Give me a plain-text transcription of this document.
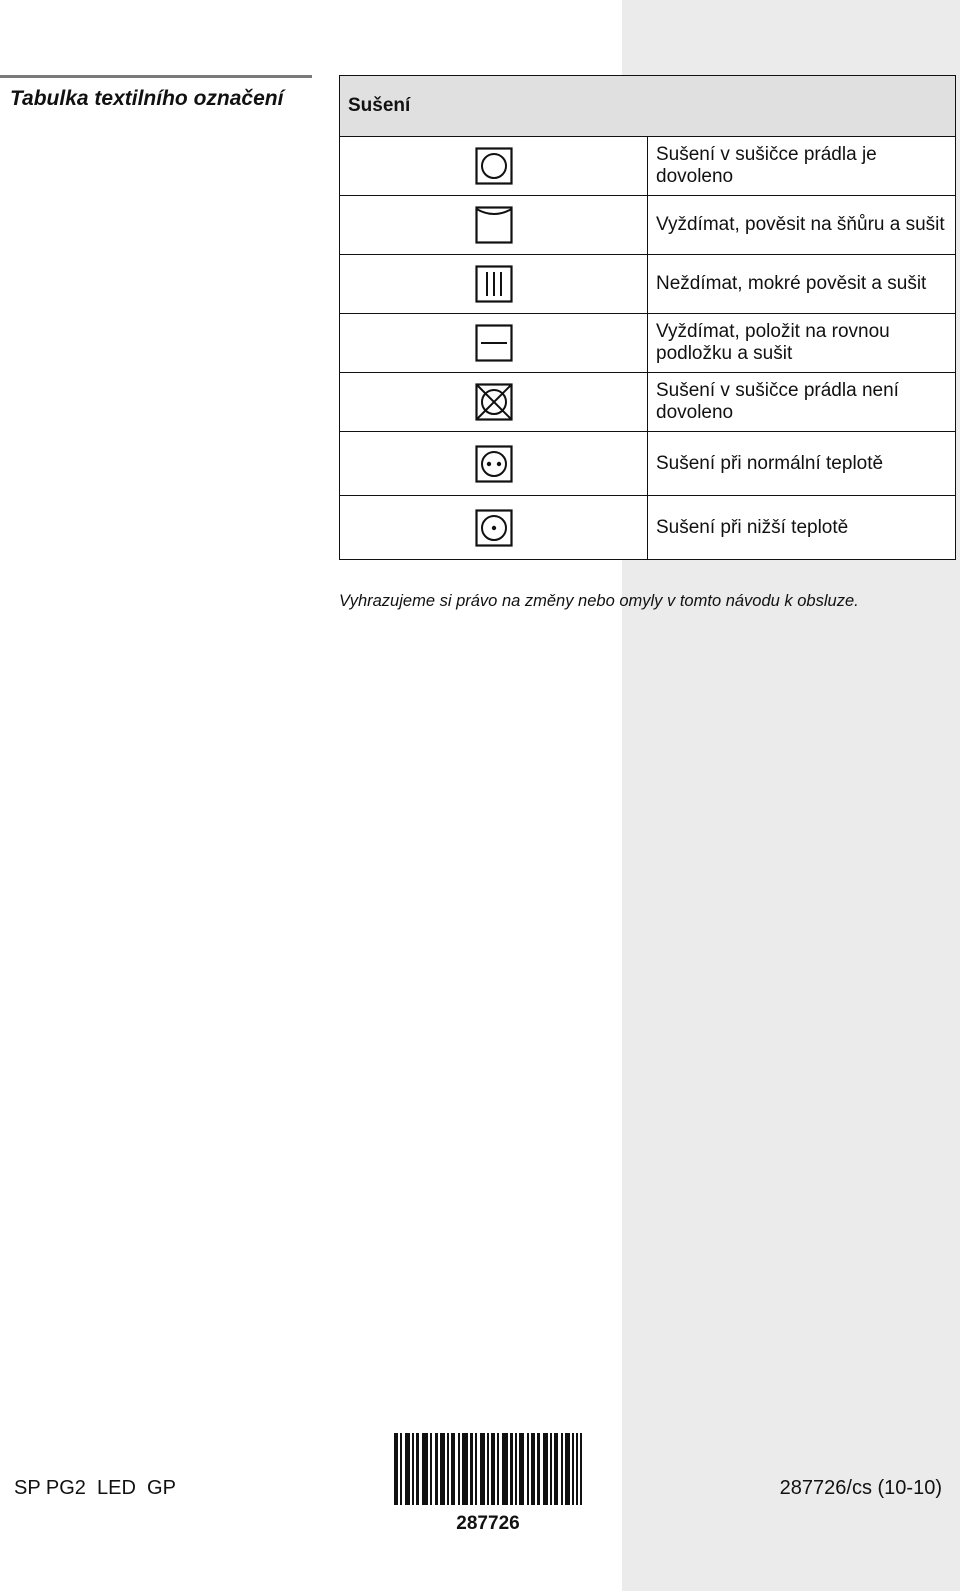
Tabulka textilního označení	Sušení	

	Sušení v sušičce prádla je dovoleno

	Vyždímat, pověsit na šňůru a sušit

	Neždímat, mokré pověsit a sušit

	Vyždímat, položit na rovnou podložku a sušit

	Sušení v sušičce prádla není dovoleno

	Sušení při normální teplotě

	Sušení při nižší teplotě
Vyhrazujeme si právo na změny nebo omyly v tomto návodu k obsluze.
SP PG2  LED  GP
287726
287726/cs (10-10)
